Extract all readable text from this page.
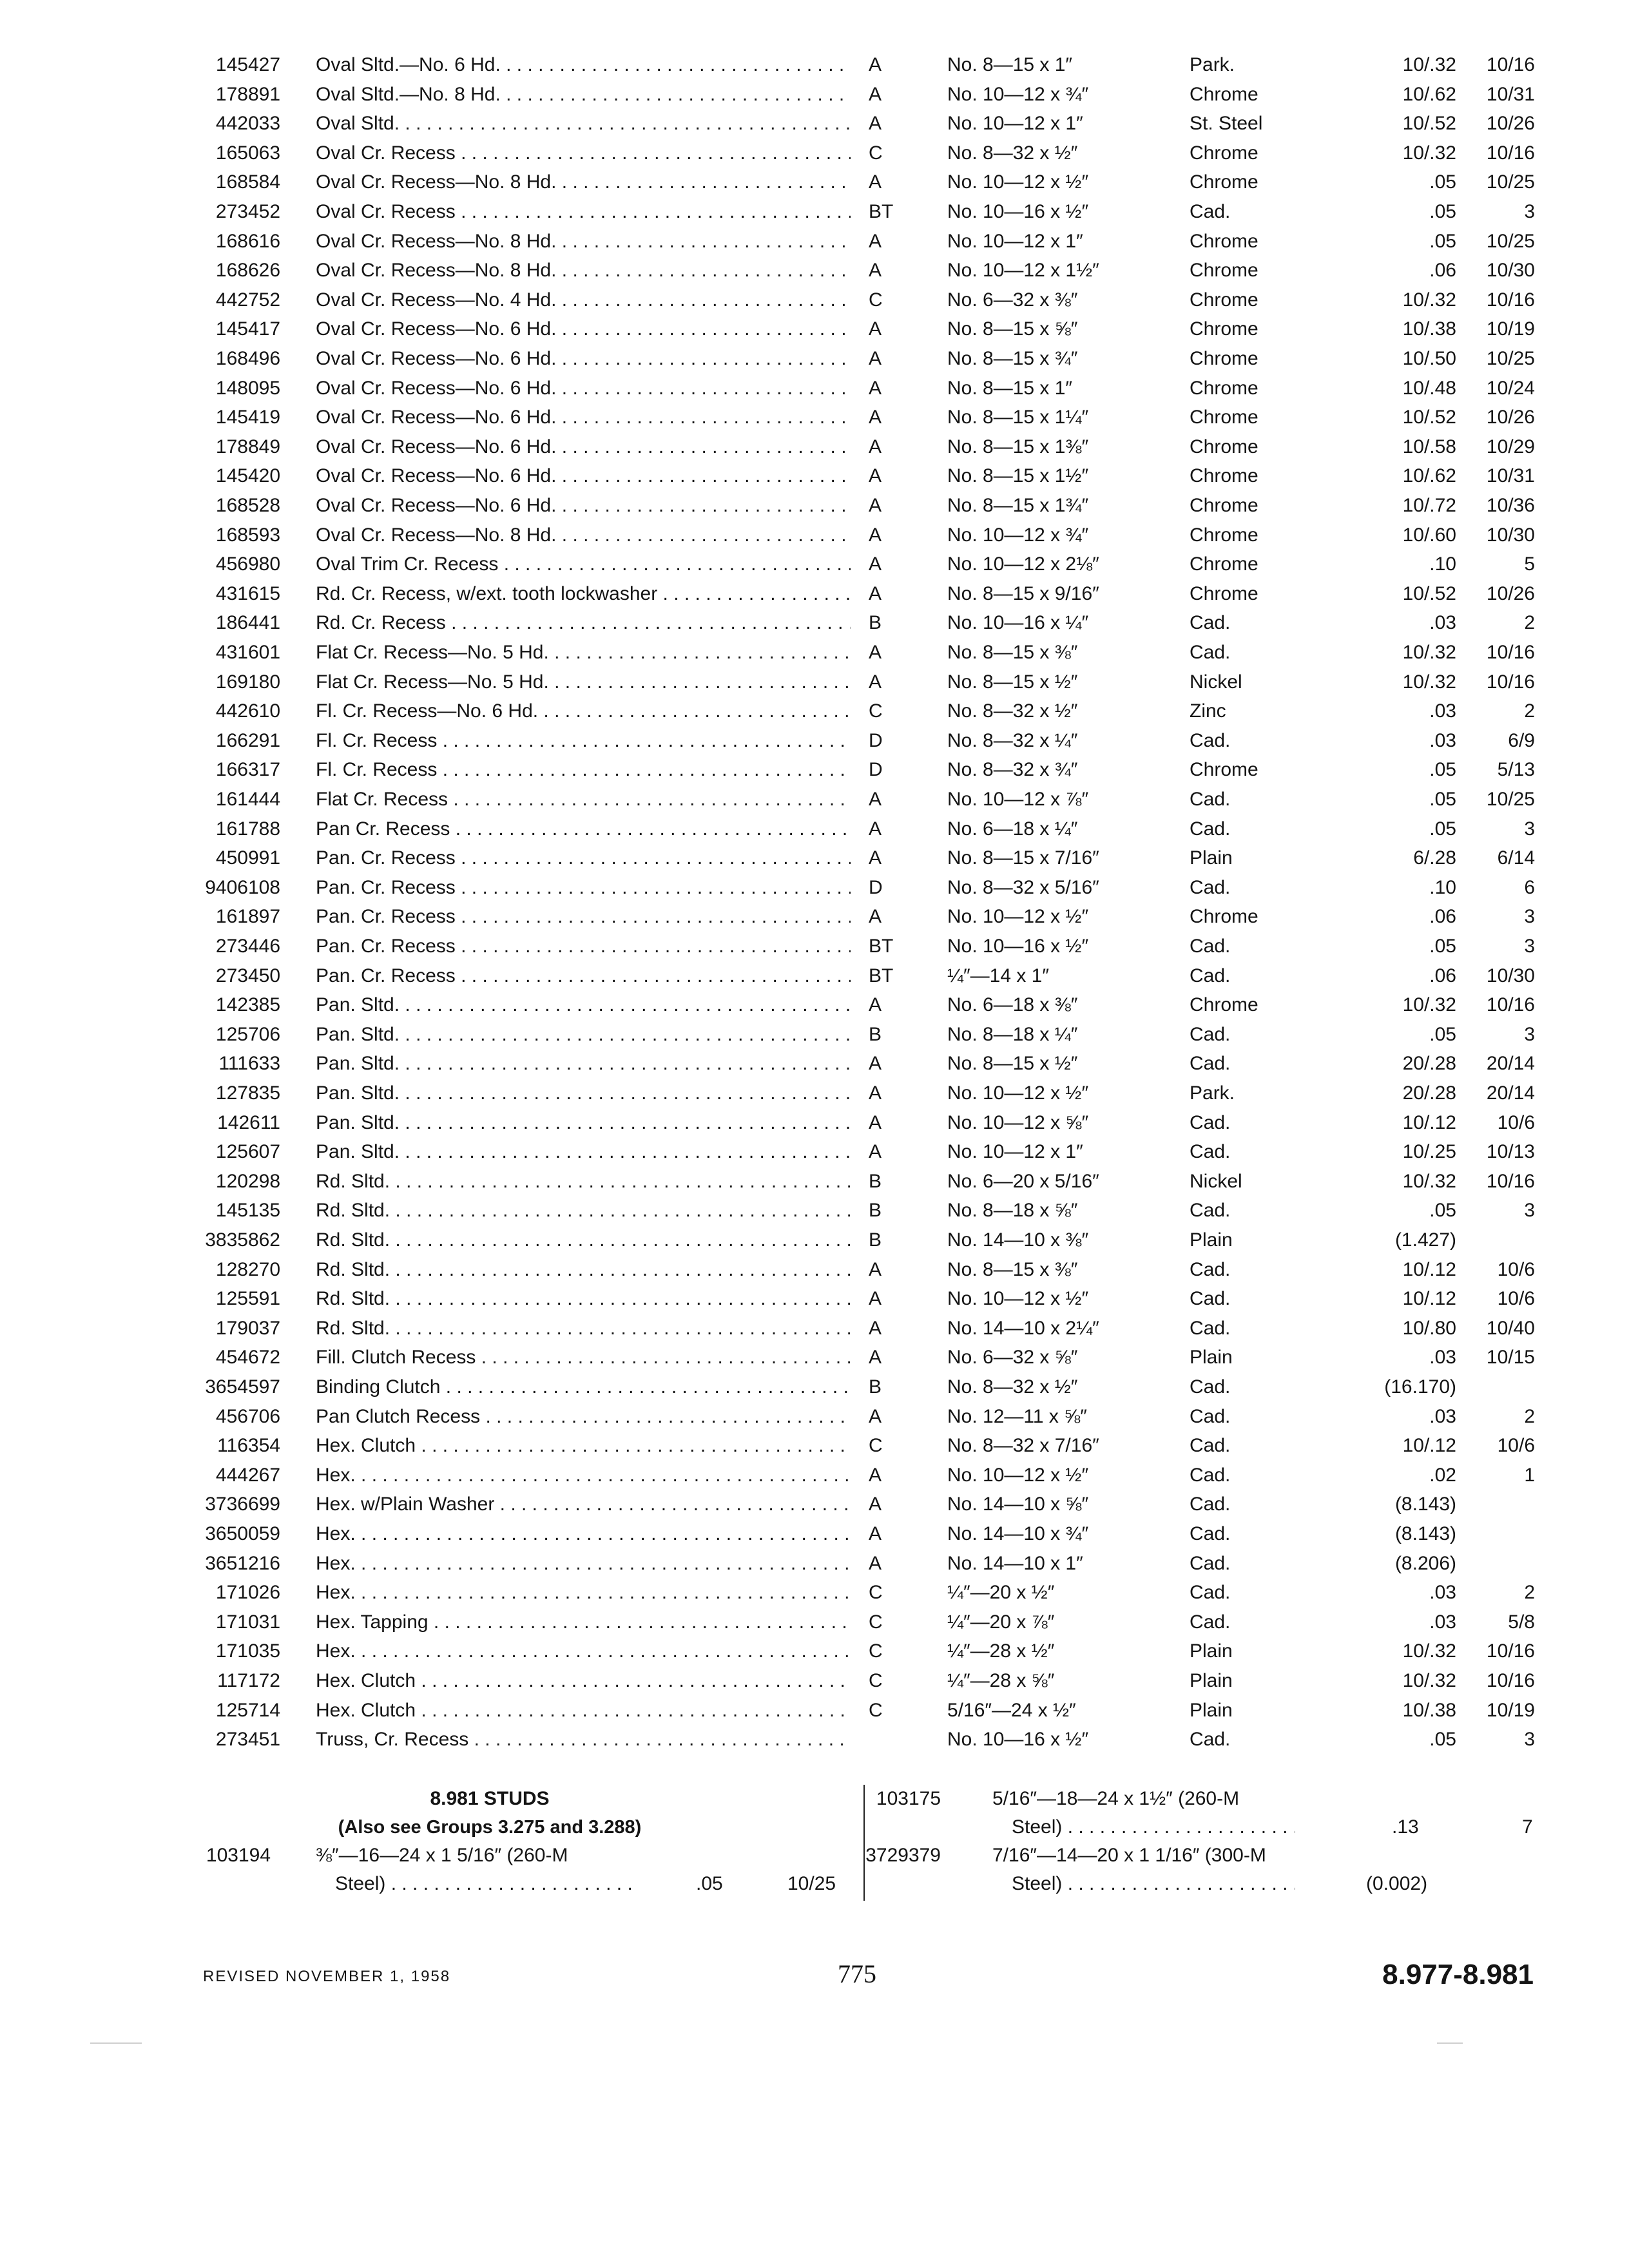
145427 Oval Sltd.—No. 6 Hd. . . .	A	No. 8—15 x 1″	Park.	10/.32	10/16
178891 Oval Sltd.—No. 8 Hd. . . .	A	No. 10—12 x ¾″	Chrome	10/.62	10/31
442033 Oval Sltd. . . .	A	No. 10—12 x 1″	St. Steel	10/.52	10/26
165063 Oval Cr. Recess . . .	C	No. 8—32 x ½″	Chrome	10/.32	10/16
168584 Oval Cr. Recess—No. 8 Hd. . . .	A	No. 10—12 x ½″	Chrome	.05	10/25
273452 Oval Cr. Recess . . .	BT	No. 10—16 x ½″	Cad.	.05	3
168616 Oval Cr. Recess—No. 8 Hd. . . .	A	No. 10—12 x 1″	Chrome	.05	10/25
168626 Oval Cr. Recess—No. 8 Hd. . . .	A	No. 10—12 x 1½″	Chrome	.06	10/30
442752 Oval Cr. Recess—No. 4 Hd. . . .	C	No. 6—32 x ⅜″	Chrome	10/.32	10/16
145417 Oval Cr. Recess—No. 6 Hd. . . .	A	No. 8—15 x ⅝″	Chrome	10/.38	10/19
168496 Oval Cr. Recess—No. 6 Hd. . . .	A	No. 8—15 x ¾″	Chrome	10/.50	10/25
148095 Oval Cr. Recess—No. 6 Hd. . . .	A	No. 8—15 x 1″	Chrome	10/.48	10/24
145419 Oval Cr. Recess—No. 6 Hd. . . .	A	No. 8—15 x 1¼″	Chrome	10/.52	10/26
178849 Oval Cr. Recess—No. 6 Hd. . . .	A	No. 8—15 x 1⅜″	Chrome	10/.58	10/29
145420 Oval Cr. Recess—No. 6 Hd. . . .	A	No. 8—15 x 1½″	Chrome	10/.62	10/31
168528 Oval Cr. Recess—No. 6 Hd. . . .	A	No. 8—15 x 1¾″	Chrome	10/.72	10/36
168593 Oval Cr. Recess—No. 8 Hd. . . .	A	No. 10—12 x ¾″	Chrome	10/.60	10/30
456980 Oval Trim Cr. Recess . . .	A	No. 10—12 x 2⅛″	Chrome	.10	5
431615 Rd. Cr. Recess, w/ext. tooth lockwasher . . .	A	No. 8—15 x 9/16″	Chrome	10/.52	10/26
186441 Rd. Cr. Recess . . .	B	No. 10—16 x ¼″	Cad.	.03	2
431601 Flat Cr. Recess—No. 5 Hd. . . .	A	No. 8—15 x ⅜″	Cad.	10/.32	10/16
169180 Flat Cr. Recess—No. 5 Hd. . . .	A	No. 8—15 x ½″	Nickel	10/.32	10/16
442610 Fl. Cr. Recess—No. 6 Hd. . . .	C	No. 8—32 x ½″	Zinc	.03	2
166291 Fl. Cr. Recess . . .	D	No. 8—32 x ¼″	Cad.	.03	6/9
166317 Fl. Cr. Recess . . .	D	No. 8—32 x ¾″	Chrome	.05	5/13
161444 Flat Cr. Recess . . .	A	No. 10—12 x ⅞″	Cad.	.05	10/25
161788 Pan Cr. Recess . . .	A	No. 6—18 x ¼″	Cad.	.05	3
450991 Pan. Cr. Recess . . .	A	No. 8—15 x 7/16″	Plain	6/.28	6/14
9406108 Pan. Cr. Recess . . .	D	No. 8—32 x 5/16″	Cad.	.10	6
161897 Pan. Cr. Recess . . .	A	No. 10—12 x ½″	Chrome	.06	3
273446 Pan. Cr. Recess . . .	BT	No. 10—16 x ½″	Cad.	.05	3
273450 Pan. Cr. Recess . . .	BT	¼″—14 x 1″	Cad.	.06	10/30
142385 Pan. Sltd. . . .	A	No. 6—18 x ⅜″	Chrome	10/.32	10/16
125706 Pan. Sltd. . . .	B	No. 8—18 x ¼″	Cad.	.05	3
111633 Pan. Sltd. . . .	A	No. 8—15 x ½″	Cad.	20/.28	20/14
127835 Pan. Sltd. . . .	A	No. 10—12 x ½″	Park.	20/.28	20/14
142611 Pan. Sltd. . . .	A	No. 10—12 x ⅝″	Cad.	10/.12	10/6
125607 Pan. Sltd. . . .	A	No. 10—12 x 1″	Cad.	10/.25	10/13
120298 Rd. Sltd. . . .	B	No. 6—20 x 5/16″	Nickel	10/.32	10/16
145135 Rd. Sltd. . . .	B	No. 8—18 x ⅝″	Cad.	.05	3
3835862 Rd. Sltd. . . .	B	No. 14—10 x ⅜″	Plain	(1.427)
128270 Rd. Sltd. . . .	A	No. 8—15 x ⅜″	Cad.	10/.12	10/6
125591 Rd. Sltd. . . .	A	No. 10—12 x ½″	Cad.	10/.12	10/6
179037 Rd. Sltd. . . .	A	No. 14—10 x 2¼″	Cad.	10/.80	10/40
454672 Fill. Clutch Recess . . .	A	No. 6—32 x ⅝″	Plain	.03	10/15
3654597 Binding Clutch . . .	B	No. 8—32 x ½″	Cad.	(16.170)
456706 Pan Clutch Recess . . .	A	No. 12—11 x ⅝″	Cad.	.03	2
116354 Hex. Clutch . . .	C	No. 8—32 x 7/16″	Cad.	10/.12	10/6
444267 Hex. . . .	A	No. 10—12 x ½″	Cad.	.02	1
3736699 Hex. w/Plain Washer . . .	A	No. 14—10 x ⅝″	Cad.	(8.143)
3650059 Hex. . . .	A	No. 14—10 x ¾″	Cad.	(8.143)
3651216 Hex. . . .	A	No. 14—10 x 1″	Cad.	(8.206)
171026 Hex. . . .	C	¼″—20 x ½″	Cad.	.03	2
171031 Hex. Tapping . . .	C	¼″—20 x ⅞″	Cad.	.03	5/8
171035 Hex. . . .	C	¼″—28 x ½″	Plain	10/.32	10/16
117172 Hex. Clutch . . .	C	¼″—28 x ⅝″	Plain	10/.32	10/16
125714 Hex. Clutch . . .	C	5/16″—24 x ½″	Plain	10/.38	10/19
273451 Truss, Cr. Recess . . .	No. 10—16 x ½″	Cad.	.05	3
8.981 STUDS
(Also see Groups 3.275 and 3.288)
103194 ⅜″—16—24 x 1 5/16″ (260-M
Steel) . . .	.05	10/25
103175	5/16″—18—24 x 1½″ (260-M
Steel) . . .	.13	7
3729379	7/16″—14—20 x 1 1/16″ (300-M
Steel) . . .	(0.002)
REVISED NOVEMBER 1, 1958	775	8.977-8.981
